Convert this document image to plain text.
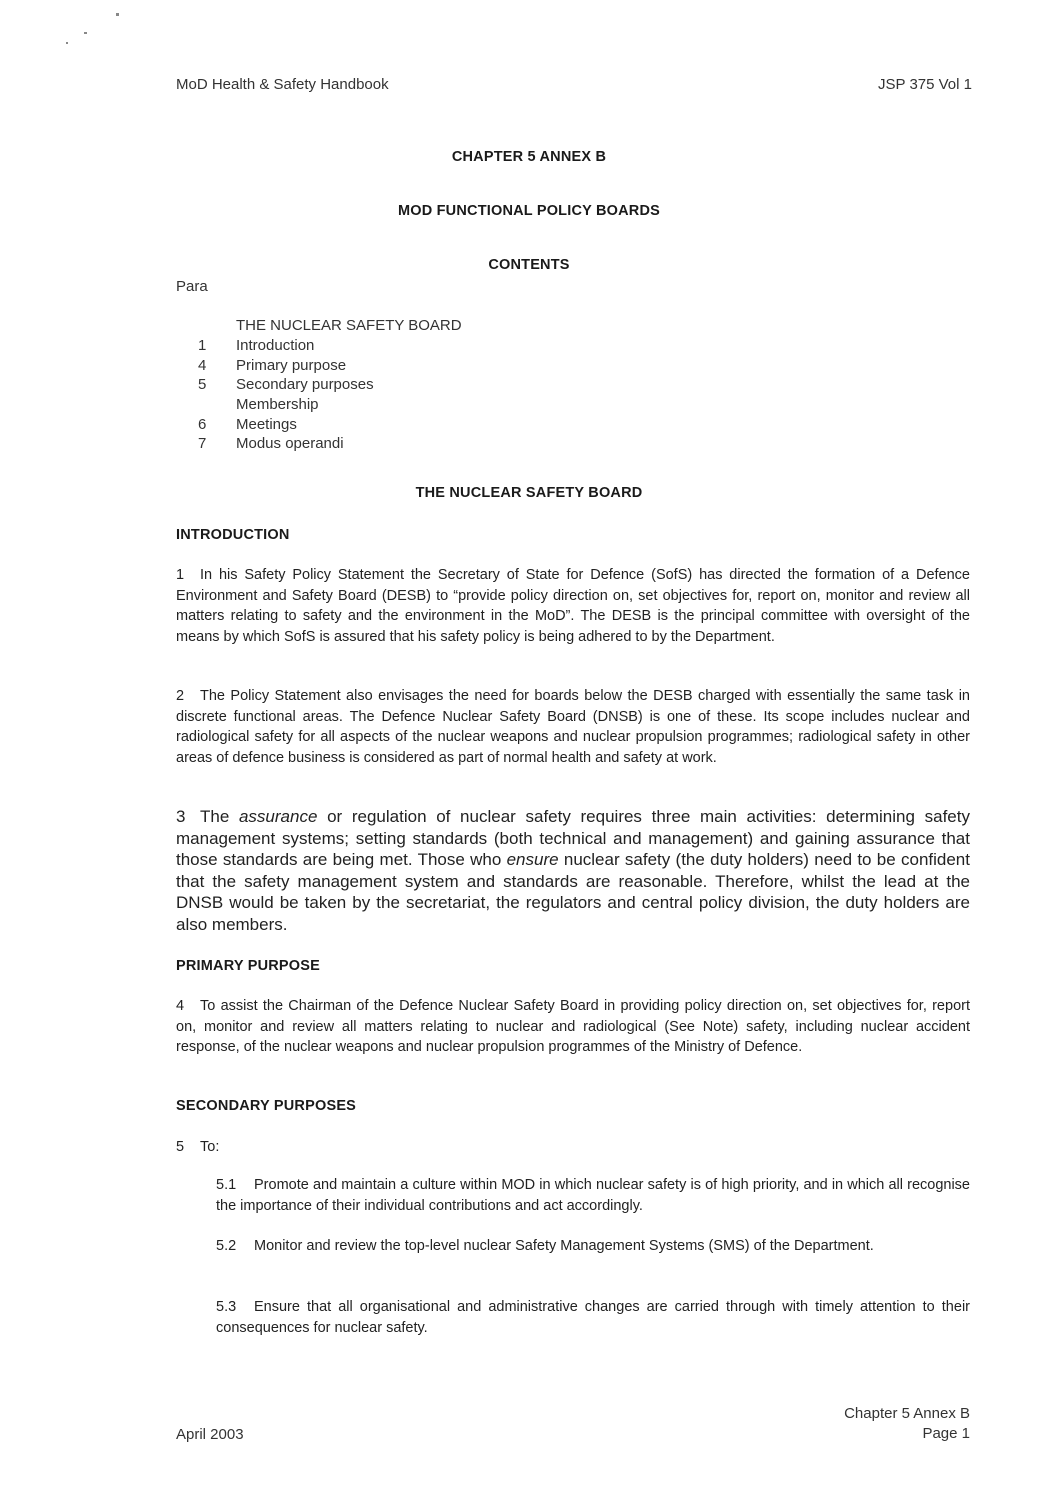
MoD Health & Safety Handbook	JSP 375 Vol 1
CHAPTER 5 ANNEX B
MOD FUNCTIONAL POLICY BOARDS
CONTENTS
Para
THE NUCLEAR SAFETY BOARD
1	Introduction
4	Primary purpose
5	Secondary purposes
Membership
6	Meetings
7	Modus operandi
THE NUCLEAR SAFETY BOARD
INTRODUCTION
1 In his Safety Policy Statement the Secretary of State for Defence (SofS) has directed the formation of a Defence Environment and Safety Board (DESB) to “provide policy direction on, set objectives for, report on, monitor and review all matters relating to safety and the environment in the MoD”. The DESB is the principal committee with oversight of the means by which SofS is assured that his safety policy is being adhered to by the Department.
2 The Policy Statement also envisages the need for boards below the DESB charged with essentially the same task in discrete functional areas. The Defence Nuclear Safety Board (DNSB) is one of these. Its scope includes nuclear and radiological safety for all aspects of the nuclear weapons and nuclear propulsion programmes; radiological safety in other areas of defence business is considered as part of normal health and safety at work.
3 The assurance or regulation of nuclear safety requires three main activities: determining safety management systems; setting standards (both technical and management) and gaining assurance that those standards are being met. Those who ensure nuclear safety (the duty holders) need to be confident that the safety management system and standards are reasonable. Therefore, whilst the lead at the DNSB would be taken by the secretariat, the regulators and central policy division, the duty holders are also members.
PRIMARY PURPOSE
4 To assist the Chairman of the Defence Nuclear Safety Board in providing policy direction on, set objectives for, report on, monitor and review all matters relating to nuclear and radiological (See Note) safety, including nuclear accident response, of the nuclear weapons and nuclear propulsion programmes of the Ministry of Defence.
SECONDARY PURPOSES
5 To:
5.1 Promote and maintain a culture within MOD in which nuclear safety is of high priority, and in which all recognise the importance of their individual contributions and act accordingly.
5.2 Monitor and review the top-level nuclear Safety Management Systems (SMS) of the Department.
5.3 Ensure that all organisational and administrative changes are carried through with timely attention to their consequences for nuclear safety.
April 2003
Chapter 5 Annex B
Page 1
